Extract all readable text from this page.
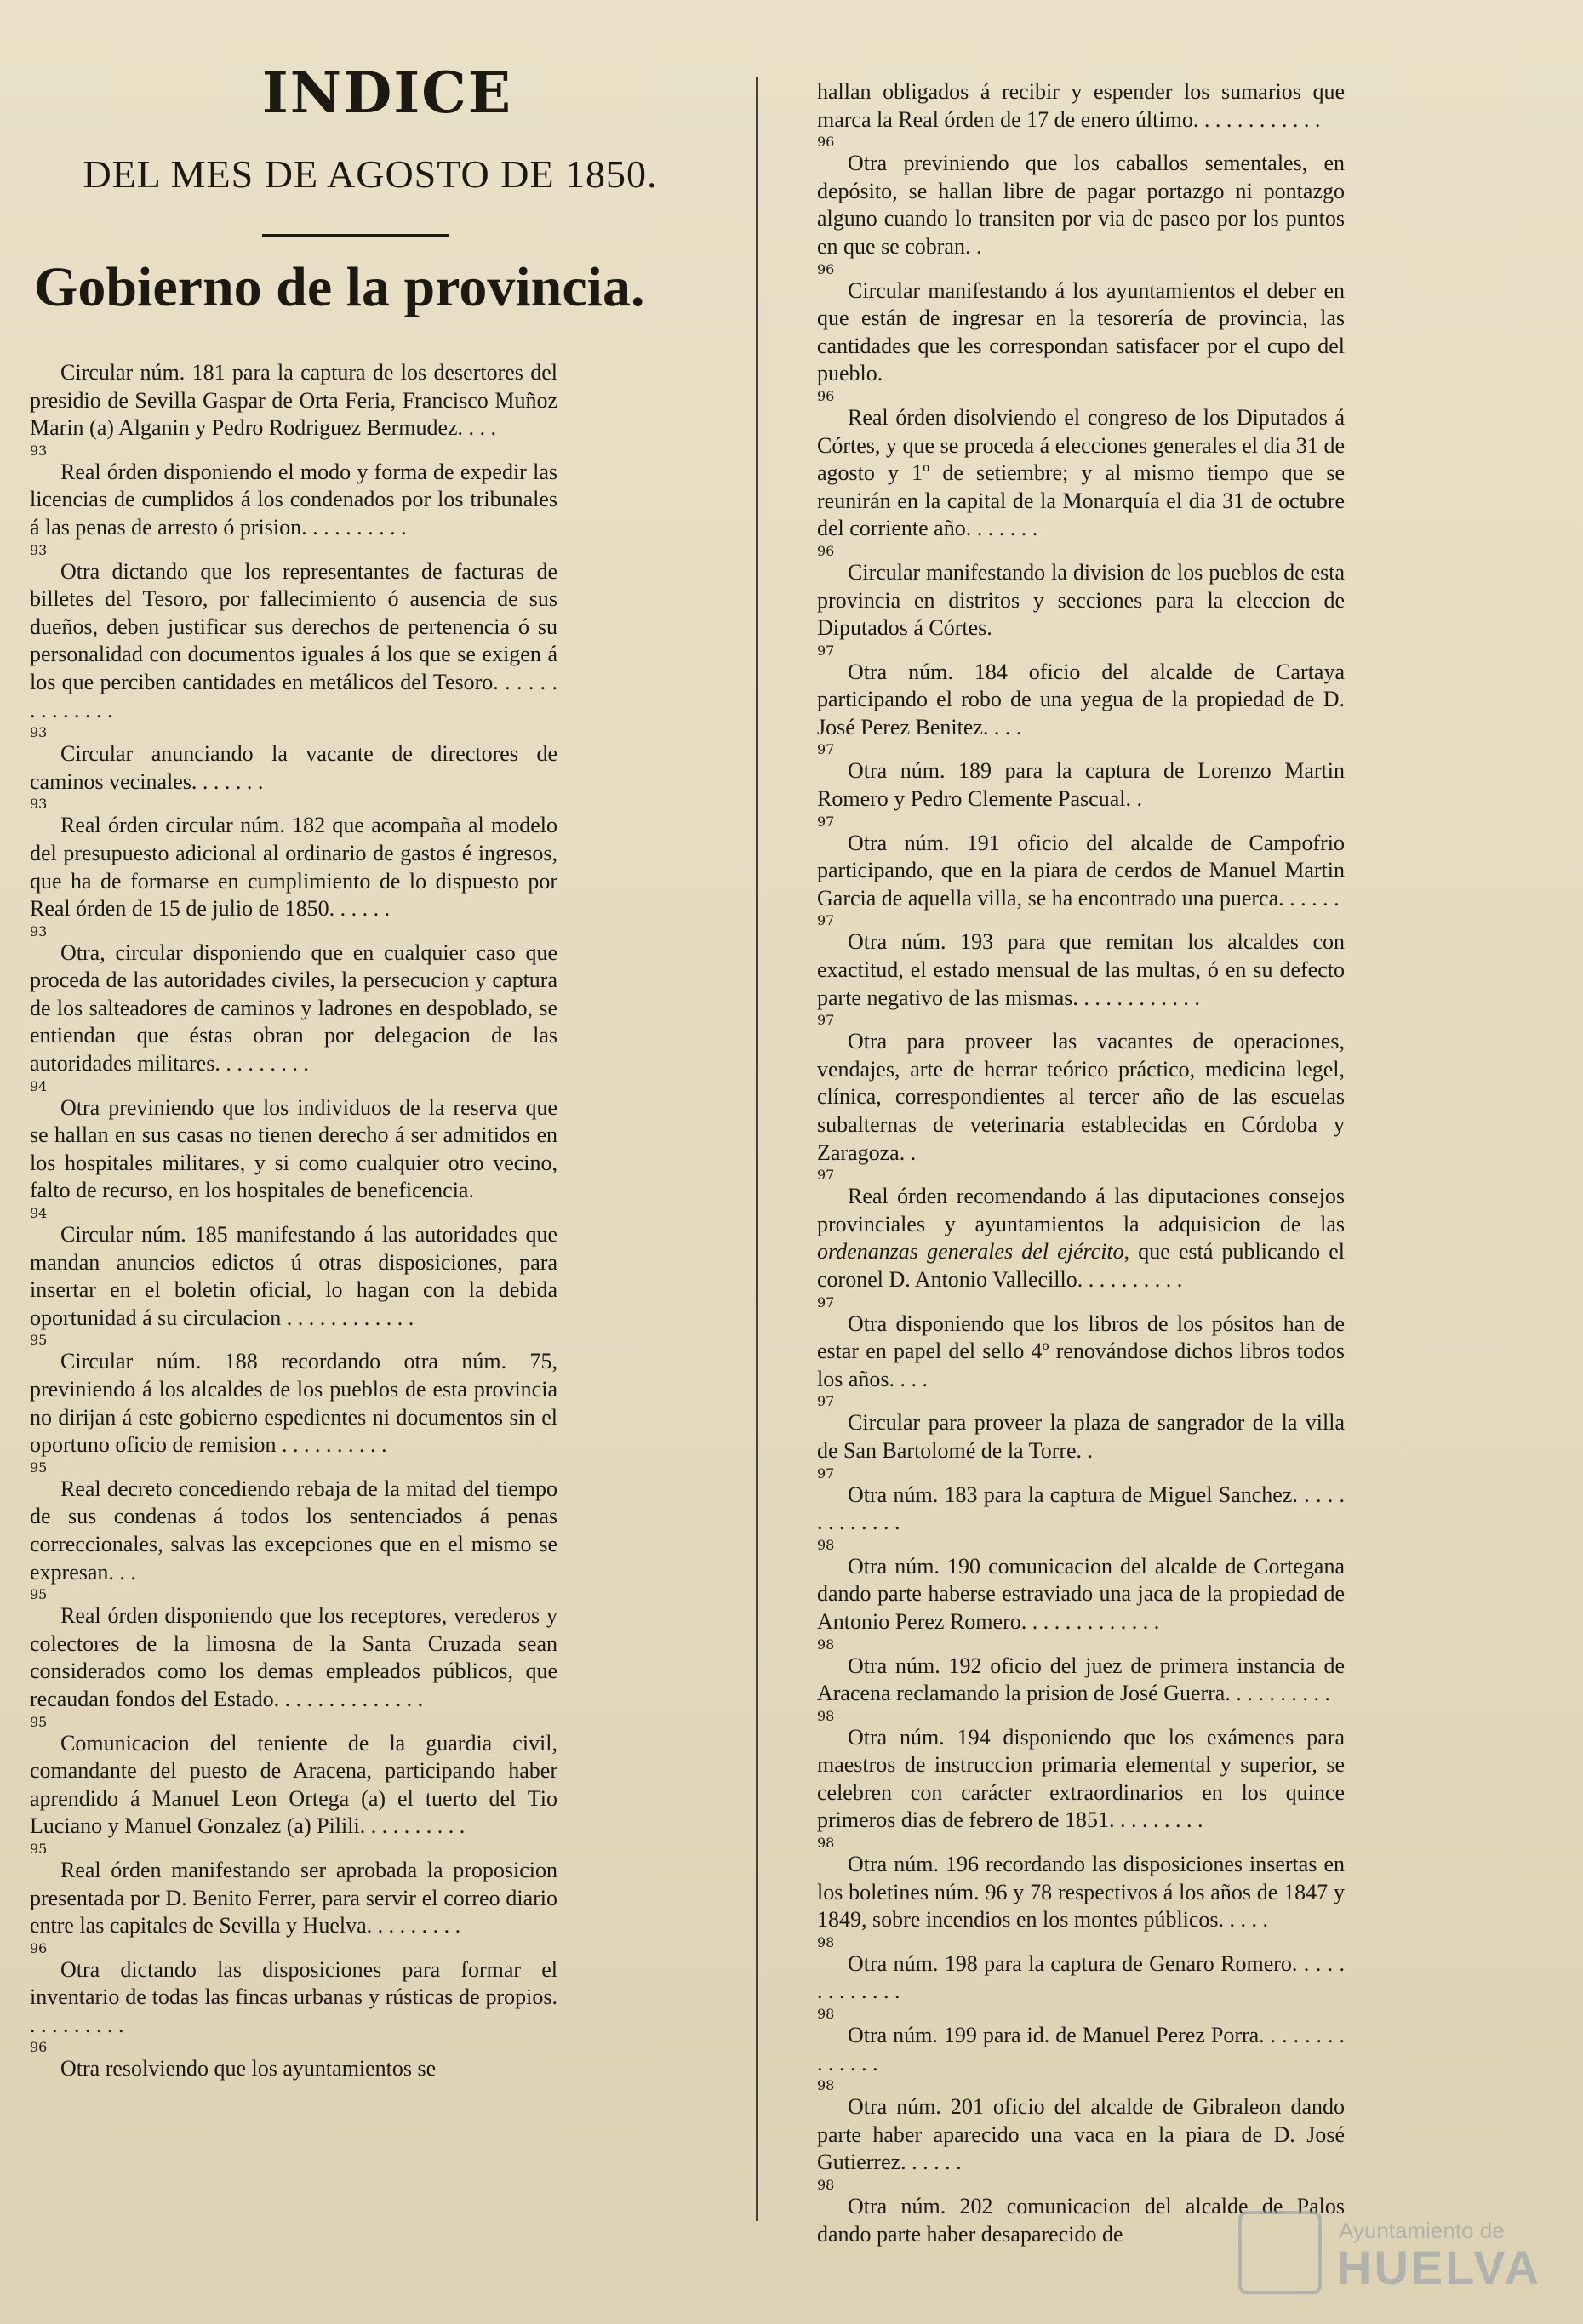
INDICE
DEL MES DE AGOSTO DE 1850.
Gobierno de la provincia.

Circular núm. 181 para la captura de los desertores del presidio de Sevilla Gaspar de Orta Feria, Francisco Muñoz Marin (a) Alganin y Pedro Rodriguez Bermudez. . . .

93

Real órden disponiendo el modo y forma de expedir las licencias de cumplidos á los condenados por los tribunales á las penas de arresto ó prision. . . . . . . . . .

93

Otra dictando que los representantes de facturas de billetes del Tesoro, por fallecimiento ó ausencia de sus dueños, deben justificar sus derechos de pertenencia ó su personalidad con documentos iguales á los que se exigen á los que perciben cantidades en metálicos del Tesoro. . . . . . . . . . . . . .

93

Circular anunciando la vacante de directores de caminos vecinales. . . . . . .

93

Real órden circular núm. 182 que acompaña al modelo del presupuesto adicional al ordinario de gastos é ingresos, que ha de formarse en cumplimiento de lo dispuesto por Real órden de 15 de julio de 1850. . . . . .

93

Otra, circular disponiendo que en cualquier caso que proceda de las autoridades civiles, la persecucion y captura de los salteadores de caminos y ladrones en despoblado, se entiendan que éstas obran por delegacion de las autoridades militares. . . . . . . . .

94

Otra previniendo que los individuos de la reserva que se hallan en sus casas no tienen derecho á ser admitidos en los hospitales militares, y si como cualquier otro vecino, falto de recurso, en los hospitales de beneficencia.

94

Circular núm. 185 manifestando á las autoridades que mandan anuncios edictos ú otras disposiciones, para insertar en el boletin oficial, lo hagan con la debida oportunidad á su circulacion . . . . . . . . . . . .

95

Circular núm. 188 recordando otra núm. 75, previniendo á los alcaldes de los pueblos de esta provincia no dirijan á este gobierno espedientes ni documentos sin el oportuno oficio de remision . . . . . . . . . .

95

Real decreto concediendo rebaja de la mitad del tiempo de sus condenas á todos los sentenciados á penas correccionales, salvas las excepciones que en el mismo se expresan. . .

95

Real órden disponiendo que los receptores, verederos y colectores de la limosna de la Santa Cruzada sean considerados como los demas empleados públicos, que recaudan fondos del Estado. . . . . . . . . . . . . .

95

Comunicacion del teniente de la guardia civil, comandante del puesto de Aracena, participando haber aprendido á Manuel Leon Ortega (a) el tuerto del Tio Luciano y Manuel Gonzalez (a) Pilili. . . . . . . . . .

95

Real órden manifestando ser aprobada la proposicion presentada por D. Benito Ferrer, para servir el correo diario entre las capitales de Sevilla y Huelva. . . . . . . . .

96

Otra dictando las disposiciones para formar el inventario de todas las fincas urbanas y rústicas de propios. . . . . . . . . .

96

Otra resolviendo que los ayuntamientos se

hallan obligados á recibir y espender los sumarios que marca la Real órden de 17 de enero último. . . . . . . . . . . .

96

Otra previniendo que los caballos sementales, en depósito, se hallan libre de pagar portazgo ni pontazgo alguno cuando lo transiten por via de paseo por los puntos en que se cobran. .

96

Circular manifestando á los ayuntamientos el deber en que están de ingresar en la tesorería de provincia, las cantidades que les correspondan satisfacer por el cupo del pueblo.

96

Real órden disolviendo el congreso de los Diputados á Córtes, y que se proceda á elecciones generales el dia 31 de agosto y 1º de setiembre; y al mismo tiempo que se reunirán en la capital de la Monarquía el dia 31 de octubre del corriente año. . . . . . .

96

Circular manifestando la division de los pueblos de esta provincia en distritos y secciones para la eleccion de Diputados á Córtes.

97

Otra núm. 184 oficio del alcalde de Cartaya participando el robo de una yegua de la propiedad de D. José Perez Benitez. . . .

97

Otra núm. 189 para la captura de Lorenzo Martin Romero y Pedro Clemente Pascual. .

97

Otra núm. 191 oficio del alcalde de Campofrio participando, que en la piara de cerdos de Manuel Martin Garcia de aquella villa, se ha encontrado una puerca. . . . . .

97

Otra núm. 193 para que remitan los alcaldes con exactitud, el estado mensual de las multas, ó en su defecto parte negativo de las mismas. . . . . . . . . . . .

97

Otra para proveer las vacantes de operaciones, vendajes, arte de herrar teórico práctico, medicina legel, clínica, correspondientes al tercer año de las escuelas subalternas de veterinaria establecidas en Córdoba y Zaragoza. .

97

Real órden recomendando á las diputaciones consejos provinciales y ayuntamientos la adquisicion de las ordenanzas generales del ejército, que está publicando el coronel D. Antonio Vallecillo. . . . . . . . . .

97

Otra disponiendo que los libros de los pósitos han de estar en papel del sello 4º renovándose dichos libros todos los años. . . .

97

Circular para proveer la plaza de sangrador de la villa de San Bartolomé de la Torre. .

97

Otra núm. 183 para la captura de Miguel Sanchez. . . . . . . . . . . . .

98

Otra núm. 190 comunicacion del alcalde de Cortegana dando parte haberse estraviado una jaca de la propiedad de Antonio Perez Romero. . . . . . . . . . . . .

98

Otra núm. 192 oficio del juez de primera instancia de Aracena reclamando la prision de José Guerra. . . . . . . . . .

98

Otra núm. 194 disponiendo que los exámenes para maestros de instruccion primaria elemental y superior, se celebren con carácter extraordinarios en los quince primeros dias de febrero de 1851. . . . . . . . .

98

Otra núm. 196 recordando las disposiciones insertas en los boletines núm. 96 y 78 respectivos á los años de 1847 y 1849, sobre incendios en los montes públicos. . . . .

98

Otra núm. 198 para la captura de Genaro Romero. . . . . . . . . . . . .

98

Otra núm. 199 para id. de Manuel Perez Porra. . . . . . . . . . . . . .

98

Otra núm. 201 oficio del alcalde de Gibraleon dando parte haber aparecido una vaca en la piara de D. José Gutierrez. . . . . .

98

Otra núm. 202 comunicacion del alcalde de Palos dando parte haber desaparecido de	Ayuntamiento de
HUELVA
